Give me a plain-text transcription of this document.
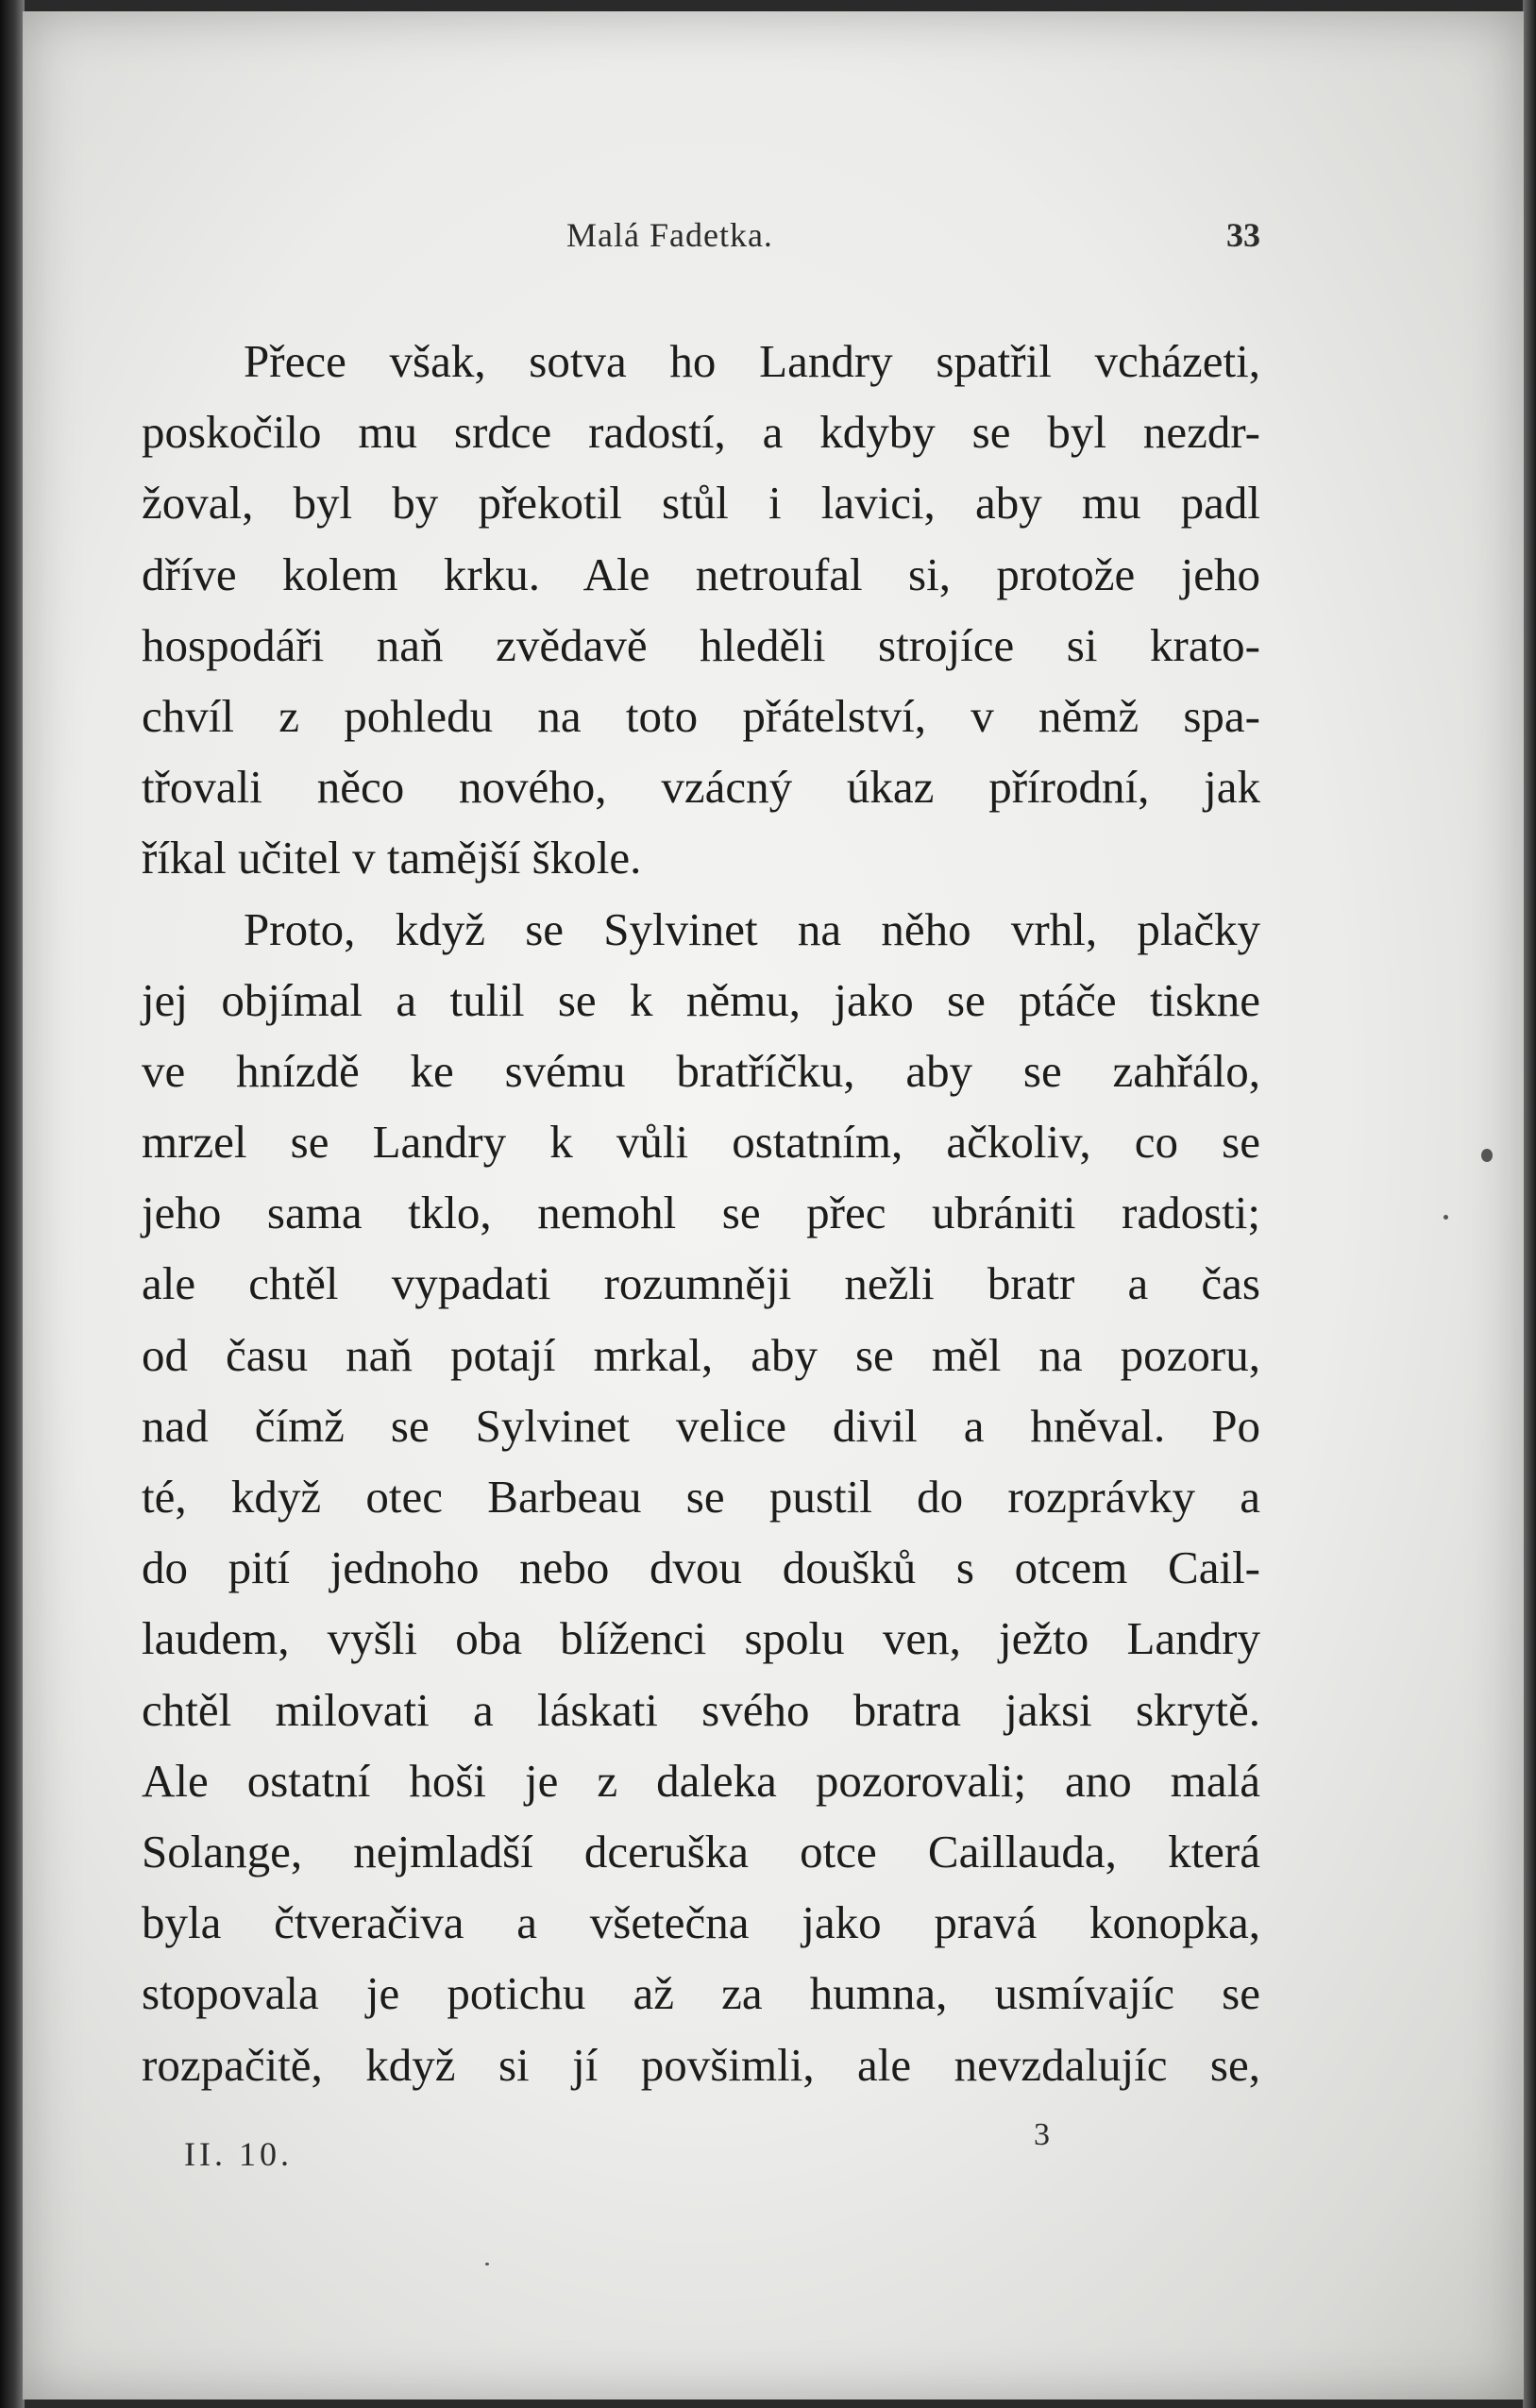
Malá Fadetka.	33
Přece však, sotva ho Landry spatřil vcházeti,
poskočilo mu srdce radostí, a kdyby se byl nezdr-
žoval, byl by překotil stůl i lavici, aby mu padl
dříve kolem krku. Ale netroufal si, protože jeho
hospodáři naň zvědavě hleděli strojíce si krato-
chvíl z pohledu na toto přátelství, v němž spa-
třovali něco nového, vzácný úkaz přírodní, jak
říkal učitel v tamější škole.
Proto, když se Sylvinet na něho vrhl, plačky
jej objímal a tulil se k němu, jako se ptáče tiskne
ve hnízdě ke svému bratříčku, aby se zahřálo,
mrzel se Landry k vůli ostatním, ačkoliv, co se
jeho sama tklo, nemohl se přec ubrániti radosti;
ale chtěl vypadati rozumněji nežli bratr a čas
od času naň potají mrkal, aby se měl na pozoru,
nad čímž se Sylvinet velice divil a hněval. Po
té, když otec Barbeau se pustil do rozprávky a
do pití jednoho nebo dvou doušků s otcem Cail-
laudem, vyšli oba blíženci spolu ven, ježto Landry
chtěl milovati a láskati svého bratra jaksi skrytě.
Ale ostatní hoši je z daleka pozorovali; ano malá
Solange, nejmladší dceruška otce Caillauda, která
byla čtveračiva a všetečna jako pravá konopka,
stopovala je potichu až za humna, usmívajíc se
rozpačitě, když si jí povšimli, ale nevzdalujíc se,
II. 10.
3
